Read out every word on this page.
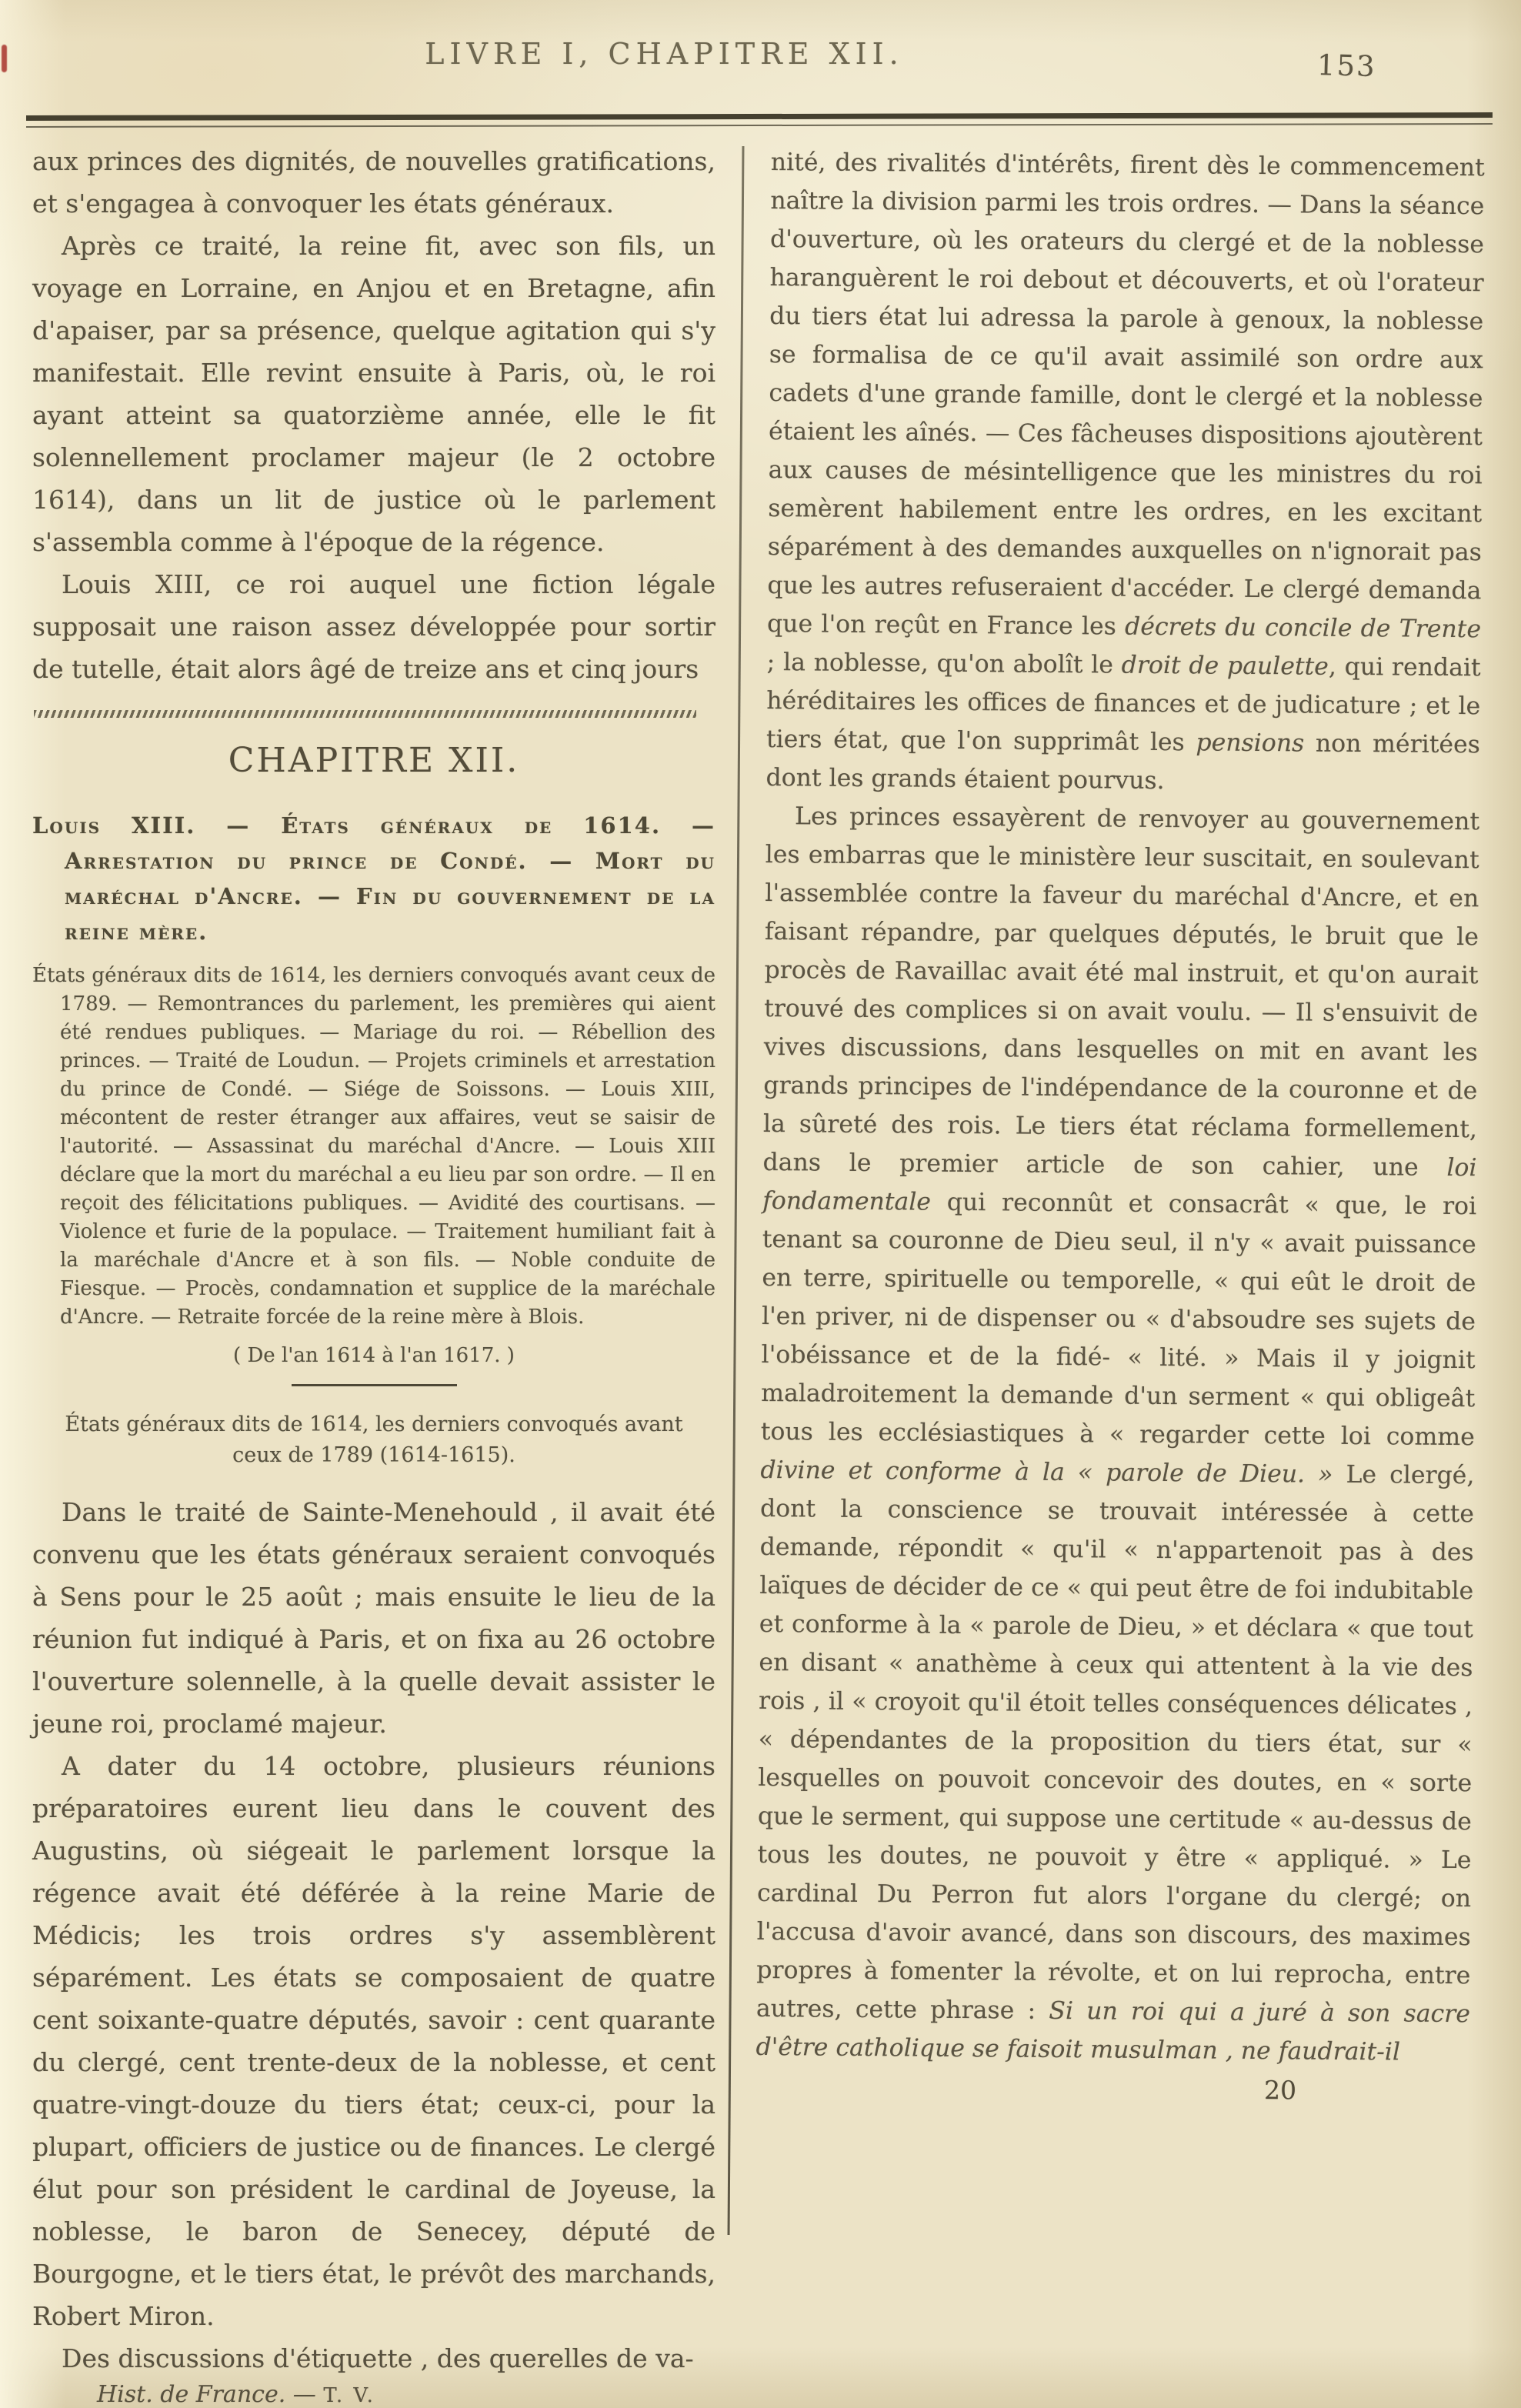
LIVRE I, CHAPITRE XII.	153

aux princes des dignités, de nouvelles gratifications, et s'engagea à convoquer les états généraux.

Après ce traité, la reine fit, avec son fils, un voyage en Lorraine, en Anjou et en Bretagne, afin d'apaiser, par sa présence, quelque agitation qui s'y manifestait. Elle revint ensuite à Paris, où, le roi ayant atteint sa quatorzième année, elle le fit solennellement proclamer majeur (le 2 octobre 1614), dans un lit de justice où le parlement s'assembla comme à l'époque de la régence.

Louis XIII, ce roi auquel une fiction légale supposait une raison assez développée pour sortir de tutelle, était alors âgé de treize ans et cinq jours

CHAPITRE XII.

Louis XIII. — États généraux de 1614. — Arrestation du prince de Condé. — Mort du maréchal d'Ancre. — Fin du gouvernement de la reine mère.

États généraux dits de 1614, les derniers convoqués avant ceux de 1789. — Remontrances du parlement, les premières qui aient été rendues publiques. — Mariage du roi. — Rébellion des princes. — Traité de Loudun. — Projets criminels et arrestation du prince de Condé. — Siége de Soissons. — Louis XIII, mécontent de rester étranger aux affaires, veut se saisir de l'autorité. — Assassinat du maréchal d'Ancre. — Louis XIII déclare que la mort du maréchal a eu lieu par son ordre. — Il en reçoit des félicitations publiques. — Avidité des courtisans. — Violence et furie de la populace. — Traitement humiliant fait à la maréchale d'Ancre et à son fils. — Noble conduite de Fiesque. — Procès, condamnation et supplice de la maréchale d'Ancre. — Retraite forcée de la reine mère à Blois.

( De l'an 1614 à l'an 1617. )
États généraux dits de 1614, les derniers convoqués avant ceux de 1789 (1614-1615).

Dans le traité de Sainte-Menehould , il avait été convenu que les états généraux seraient convoqués à Sens pour le 25 août ; mais ensuite le lieu de la réunion fut indiqué à Paris, et on fixa au 26 octobre l'ouverture solennelle, à la quelle devait assister le jeune roi, proclamé majeur.

A dater du 14 octobre, plusieurs réunions préparatoires eurent lieu dans le couvent des Augustins, où siégeait le parlement lorsque la régence avait été déférée à la reine Marie de Médicis; les trois ordres s'y assemblèrent séparément. Les états se composaient de quatre cent soixante-quatre députés, savoir : cent quarante du clergé, cent trente-deux de la noblesse, et cent quatre-vingt-douze du tiers état; ceux-ci, pour la plupart, officiers de justice ou de finances. Le clergé élut pour son président le cardinal de Joyeuse, la noblesse, le baron de Senecey, député de Bourgogne, et le tiers état, le prévôt des marchands, Robert Miron.

Des discussions d'étiquette , des querelles de va-

Hist. de France. — T. V.

nité, des rivalités d'intérêts, firent dès le commencement naître la division parmi les trois ordres. — Dans la séance d'ouverture, où les orateurs du clergé et de la noblesse haranguèrent le roi debout et découverts, et où l'orateur du tiers état lui adressa la parole à genoux, la noblesse se formalisa de ce qu'il avait assimilé son ordre aux cadets d'une grande famille, dont le clergé et la noblesse étaient les aînés. — Ces fâcheuses dispositions ajoutèrent aux causes de mésintelligence que les ministres du roi semèrent habilement entre les ordres, en les excitant séparément à des demandes auxquelles on n'ignorait pas que les autres refuseraient d'accéder. Le clergé demanda que l'on reçût en France les décrets du concile de Trente ; la noblesse, qu'on abolît le droit de paulette, qui rendait héréditaires les offices de finances et de judicature ; et le tiers état, que l'on supprimât les pensions non méritées dont les grands étaient pourvus.

Les princes essayèrent de renvoyer au gouvernement les embarras que le ministère leur suscitait, en soulevant l'assemblée contre la faveur du maréchal d'Ancre, et en faisant répandre, par quelques députés, le bruit que le procès de Ravaillac avait été mal instruit, et qu'on aurait trouvé des complices si on avait voulu. — Il s'ensuivit de vives discussions, dans lesquelles on mit en avant les grands principes de l'indépendance de la couronne et de la sûreté des rois. Le tiers état réclama formellement, dans le premier article de son cahier, une loi fondamentale qui reconnût et consacrât « que, le roi tenant sa couronne de Dieu seul, il n'y « avait puissance en terre, spirituelle ou temporelle, « qui eût le droit de l'en priver, ni de dispenser ou « d'absoudre ses sujets de l'obéissance et de la fidé- « lité. » Mais il y joignit maladroitement la demande d'un serment « qui obligeât tous les ecclésiastiques à « regarder cette loi comme divine et conforme à la « parole de Dieu. » Le clergé, dont la conscience se trouvait intéressée à cette demande, répondit « qu'il « n'appartenoit pas à des laïques de décider de ce « qui peut être de foi indubitable et conforme à la « parole de Dieu, » et déclara « que tout en disant « anathème à ceux qui attentent à la vie des rois , il « croyoit qu'il étoit telles conséquences délicates , « dépendantes de la proposition du tiers état, sur « lesquelles on pouvoit concevoir des doutes, en « sorte que le serment, qui suppose une certitude « au-dessus de tous les doutes, ne pouvoit y être « appliqué. » Le cardinal Du Perron fut alors l'organe du clergé; on l'accusa d'avoir avancé, dans son discours, des maximes propres à fomenter la révolte, et on lui reprocha, entre autres, cette phrase : Si un roi qui a juré à son sacre d'être catholique se faisoit musulman , ne faudrait-il

20
